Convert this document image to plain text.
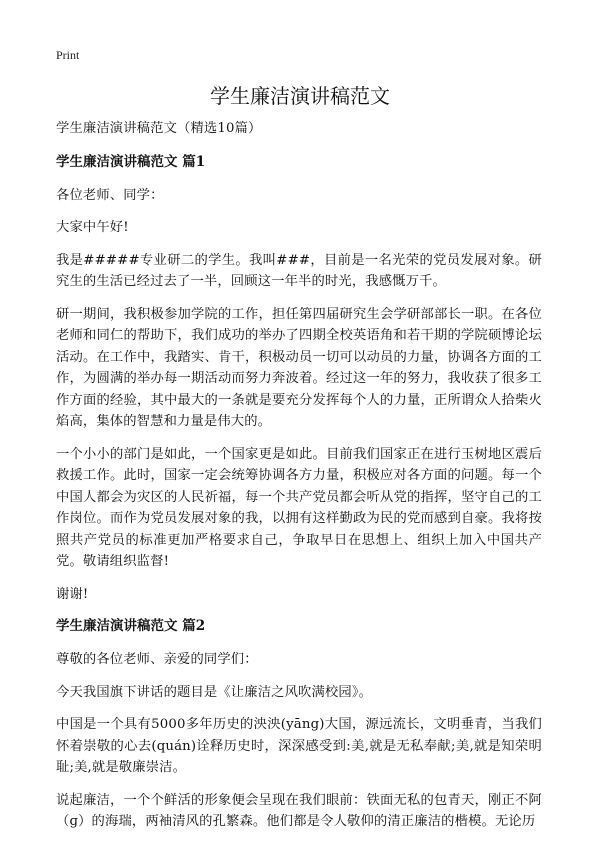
Print
学生廉洁演讲稿范文

学生廉洁演讲稿范文（精选10篇）

学生廉洁演讲稿范文 篇1

各位老师、同学：

大家中午好!

我是#####专业研二的学生。我叫###，目前是一名光荣的党员发展对象。研究生的生活已经过去了一半，回顾这一年半的时光，我感慨万千。

研一期间，我积极参加学院的工作，担任第四届研究生会学研部部长一职。在各位老师和同仁的帮助下，我们成功的举办了四期全校英语角和若干期的学院硕博论坛活动。在工作中，我踏实、肯干，积极动员一切可以动员的力量，协调各方面的工作，为圆满的举办每一期活动而努力奔波着。经过这一年的努力，我收获了很多工作方面的经验，其中最大的一条就是要充分发挥每个人的力量，正所谓众人拾柴火焰高，集体的智慧和力量是伟大的。

一个小小的部门是如此，一个国家更是如此。目前我们国家正在进行玉树地区震后救援工作。此时，国家一定会统筹协调各方力量，积极应对各方面的问题。每一个中国人都会为灾区的人民祈福，每一个共产党员都会听从党的指挥，坚守自己的工作岗位。而作为党员发展对象的我，以拥有这样勤政为民的党而感到自豪。我将按照共产党员的标准更加严格要求自己，争取早日在思想上、组织上加入中国共产党。敬请组织监督!

谢谢!

学生廉洁演讲稿范文 篇2

尊敬的各位老师、亲爱的同学们：

今天我国旗下讲话的题目是《让廉洁之风吹满校园》。

中国是一个具有5000多年历史的泱泱(yāng)大国，源远流长，文明垂青，当我们怀着崇敬的心去(quán)诠释历史时，深深感受到:美,就是无私奉献;美,就是知荣明耻;美,就是敬廉崇洁。

说起廉洁，一个个鲜活的形象便会呈现在我们眼前：铁面无私的包青天，刚正不阿（ɡ）的海瑞，两袖清风的孔繁森。他们都是令人敬仰的清正廉洁的楷模。无论历
